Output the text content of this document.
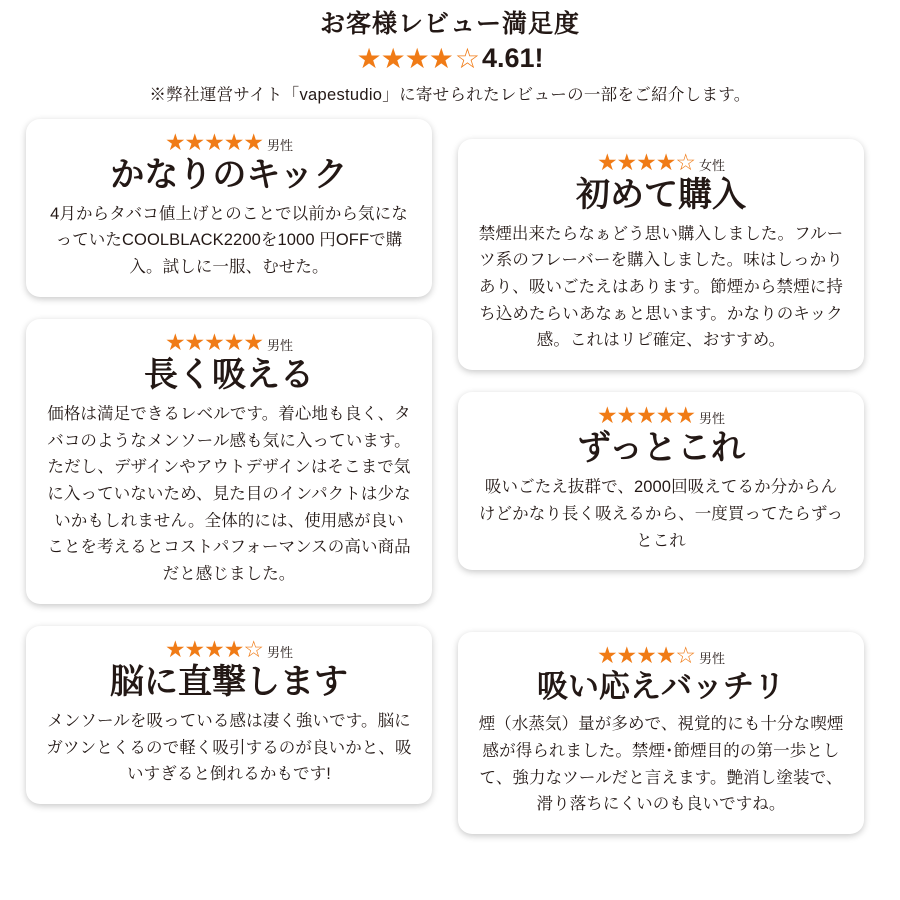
お客様レビュー満足度
★★★★ ☆ 4.61!
※弊社運営サイト「vapestudio」に寄せられたレビューの一部をご紹介します。
★★★★★ 男性
かなりのキック
4月からタバコ値上げとのことで以前から気になっていたCOOLBLACK2200を1000 円OFFで購入。試しに一服、むせた。
★★★★★ 男性
長く吸える
価格は満足できるレベルです。着心地も良く、タバコのようなメンソール感も気に入っています。ただし、デザインやアウトデザインはそこまで気に入っていないため、見た目のインパクトは少ないかもしれません。全体的には、使用感が良いことを考えるとコストパフォーマンスの高い商品だと感じました。
★★★★☆ 男性
脳に直撃します
メンソールを吸っている感は凄く強いです。脳にガツンとくるので軽く吸引するのが良いかと、吸いすぎると倒れるかもです!
★★★★☆ 女性
初めて購入
禁煙出来たらなぁどう思い購入しました。フルーツ系のフレーバーを購入しました。味はしっかりあり、吸いごたえはあります。節煙から禁煙に持ち込めたらいあなぁと思います。かなりのキック感。これはリピ確定、おすすめ。
★★★★★ 男性
ずっとこれ
吸いごたえ抜群で、2000回吸えてるか分からんけどかなり長く吸えるから、一度買ってたらずっとこれ
★★★★☆ 男性
吸い応えバッチリ
煙（水蒸気）量が多めで、視覚的にも十分な喫煙感が得られました。禁煙･節煙目的の第一歩として、強力なツールだと言えます。艶消し塗装で、滑り落ちにくいのも良いですね。
